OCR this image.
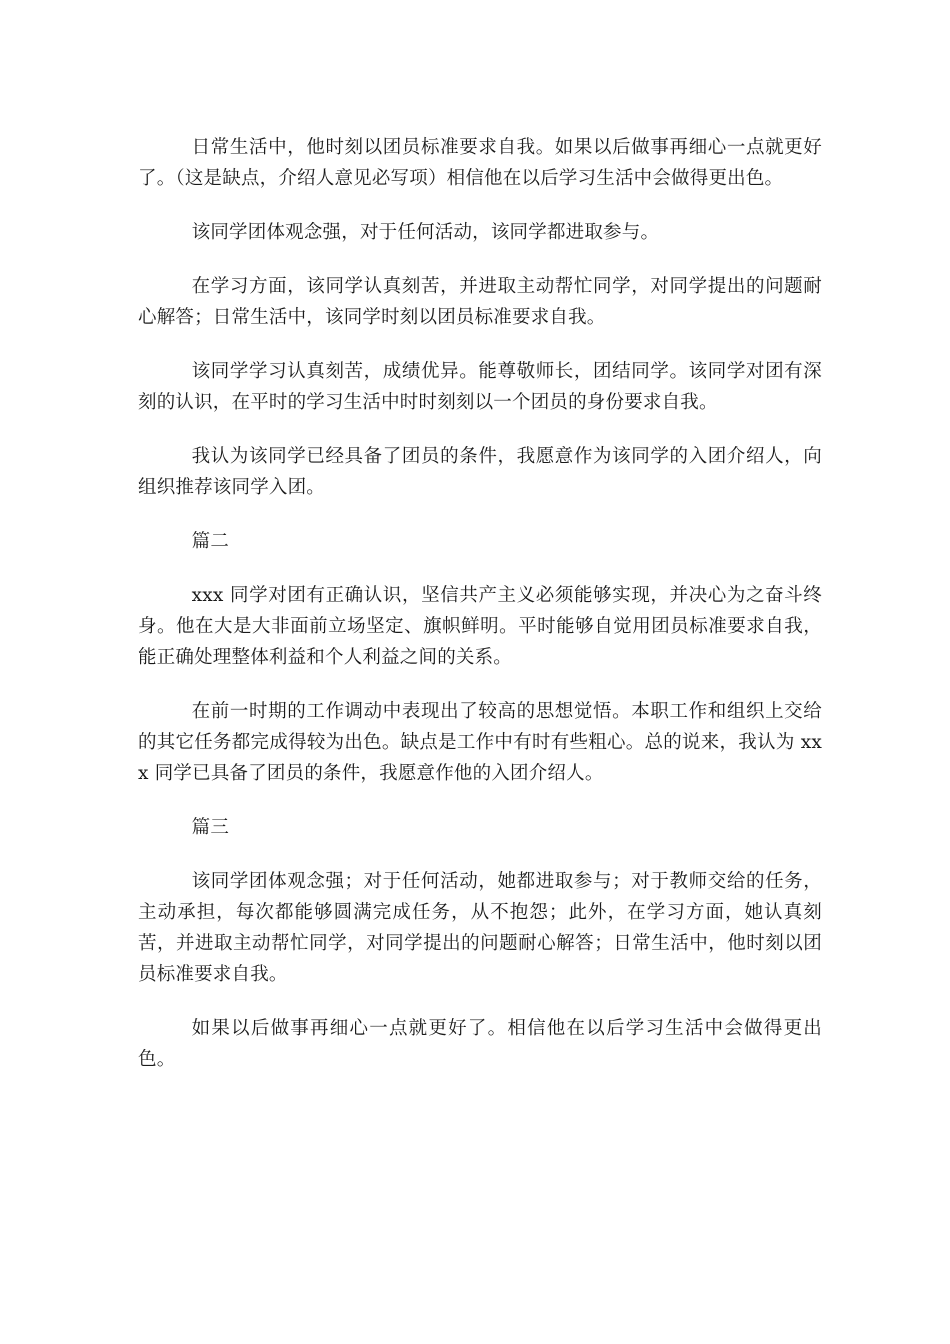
日常生活中，他时刻以团员标准要求自我。如果以后做事再细心一点就更好了。（这是缺点，介绍人意见必写项）相信他在以后学习生活中会做得更出色。

该同学团体观念强，对于任何活动，该同学都进取参与。

在学习方面，该同学认真刻苦，并进取主动帮忙同学，对同学提出的问题耐心解答；日常生活中，该同学时刻以团员标准要求自我。

该同学学习认真刻苦，成绩优异。能尊敬师长，团结同学。该同学对团有深刻的认识，在平时的学习生活中时时刻刻以一个团员的身份要求自我。

我认为该同学已经具备了团员的条件，我愿意作为该同学的入团介绍人，向组织推荐该同学入团。

篇二

xxx 同学对团有正确认识，坚信共产主义必须能够实现，并决心为之奋斗终身。他在大是大非面前立场坚定、旗帜鲜明。平时能够自觉用团员标准要求自我，能正确处理整体利益和个人利益之间的关系。

在前一时期的工作调动中表现出了较高的思想觉悟。本职工作和组织上交给的其它任务都完成得较为出色。缺点是工作中有时有些粗心。总的说来，我认为 xxx 同学已具备了团员的条件，我愿意作他的入团介绍人。

篇三

该同学团体观念强；对于任何活动，她都进取参与；对于教师交给的任务，主动承担，每次都能够圆满完成任务，从不抱怨；此外，在学习方面，她认真刻苦，并进取主动帮忙同学，对同学提出的问题耐心解答；日常生活中，他时刻以团员标准要求自我。

如果以后做事再细心一点就更好了。相信他在以后学习生活中会做得更出色。
